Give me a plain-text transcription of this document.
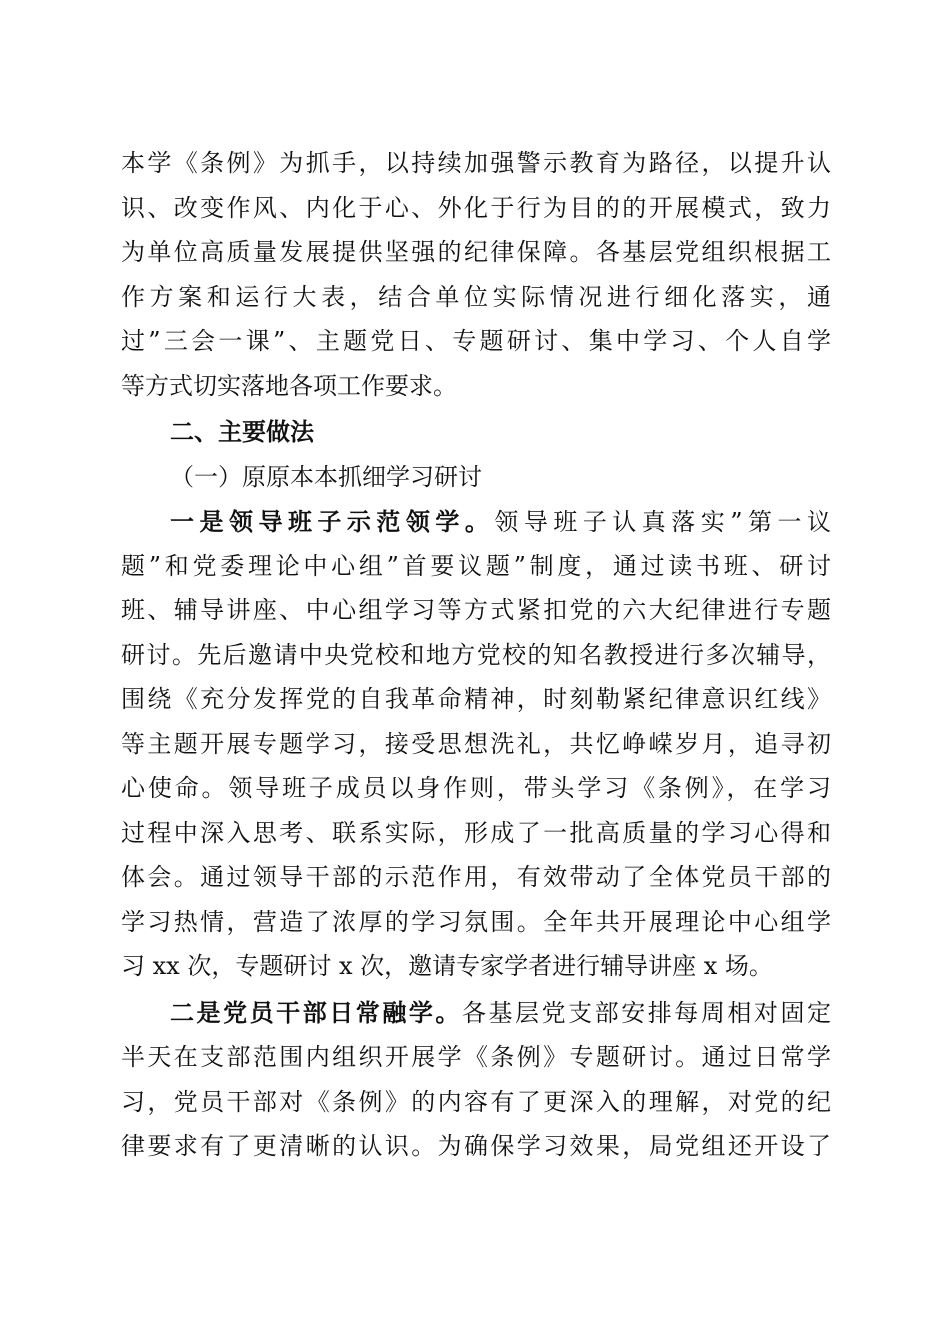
本学《条例》为抓手，以持续加强警示教育为路径，以提升认
识、改变作风、内化于心、外化于行为目的的开展模式，致力
为单位高质量发展提供坚强的纪律保障。各基层党组织根据工
作方案和运行大表，结合单位实际情况进行细化落实，通
过”三会一课”、主题党日、专题研讨、集中学习、个人自学
等方式切实落地各项工作要求。
二、主要做法
（一）原原本本抓细学习研讨
一是领导班子示范领学。领导班子认真落实”第一议
题”和党委理论中心组”首要议题”制度，通过读书班、研讨
班、辅导讲座、中心组学习等方式紧扣党的六大纪律进行专题
研讨。先后邀请中央党校和地方党校的知名教授进行多次辅导，
围绕《充分发挥党的自我革命精神，时刻勒紧纪律意识红线》
等主题开展专题学习，接受思想洗礼，共忆峥嵘岁月，追寻初
心使命。领导班子成员以身作则，带头学习《条例》，在学习
过程中深入思考、联系实际，形成了一批高质量的学习心得和
体会。通过领导干部的示范作用，有效带动了全体党员干部的
学习热情，营造了浓厚的学习氛围。全年共开展理论中心组学
习 xx 次，专题研讨 x 次，邀请专家学者进行辅导讲座 x 场。
二是党员干部日常融学。各基层党支部安排每周相对固定
半天在支部范围内组织开展学《条例》专题研讨。通过日常学
习，党员干部对《条例》的内容有了更深入的理解，对党的纪
律要求有了更清晰的认识。为确保学习效果，局党组还开设了
